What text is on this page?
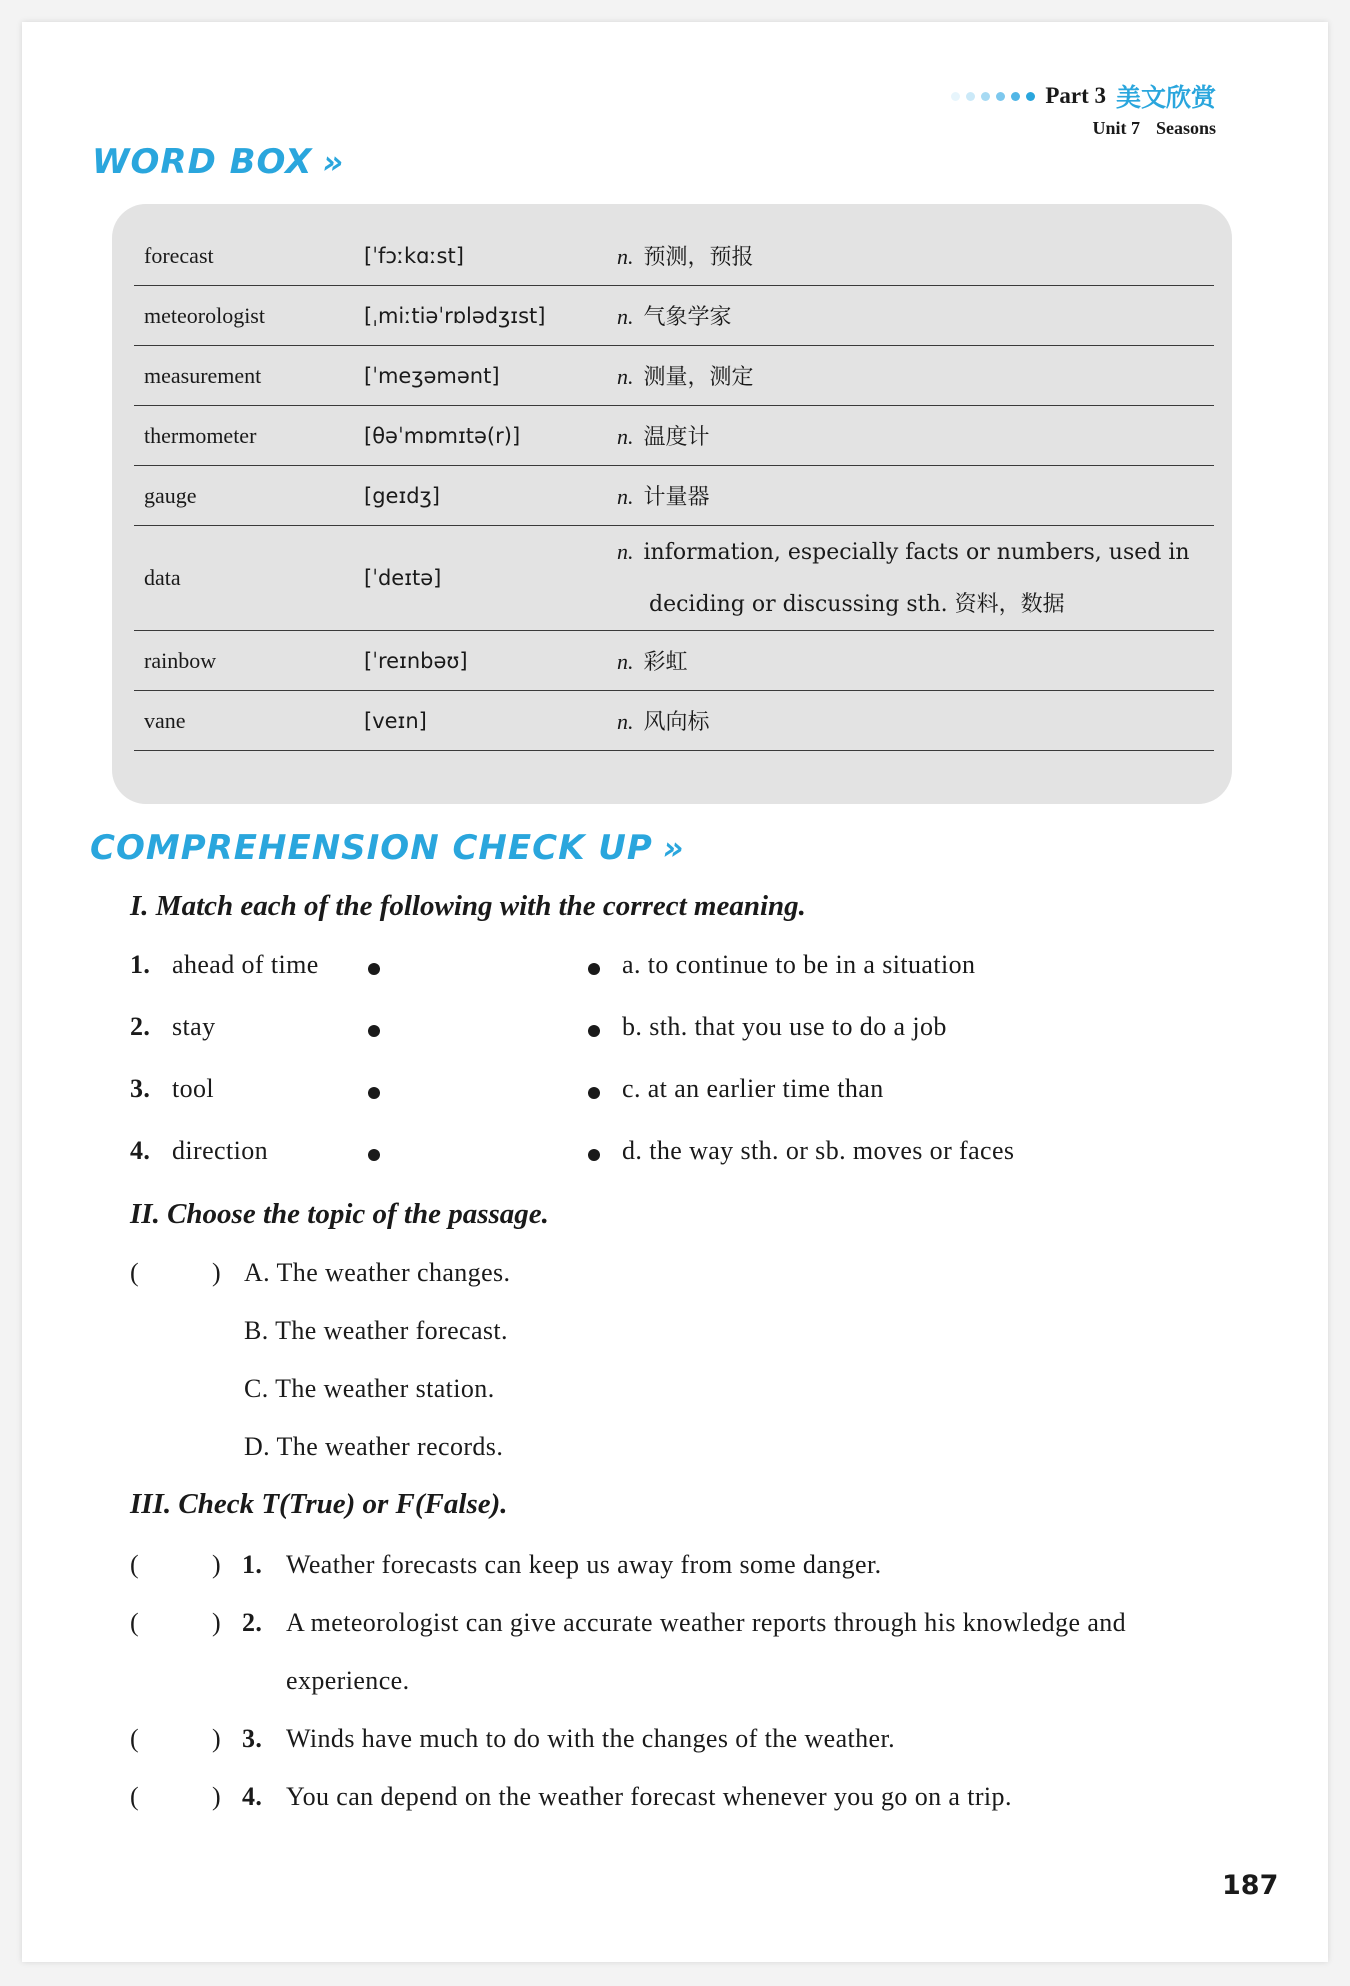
Part 3 美文欣赏
Unit 7 Seasons
WORD BOX »
forecast	[ˈfɔːkɑːst]	n. 预测，预报
meteorologist	[ˌmiːtiəˈrɒlədʒɪst]	n. 气象学家
measurement	[ˈmeʒəmənt]	n. 测量，测定
thermometer	[θəˈmɒmɪtə(r)]	n. 温度计
gauge	[geɪdʒ]	n. 计量器
data	[ˈdeɪtə]
n. information, especially facts or numbers, used in
deciding or discussing sth. 资料，数据
rainbow	[ˈreɪnbəʊ]	n. 彩虹
vane	[veɪn]	n. 风向标
COMPREHENSION CHECK UP »
I. Match each of the following with the correct meaning.
1. ahead of time	a. to continue to be in a situation
2. stay	b. sth. that you use to do a job
3. tool	c. at an earlier time than
4. direction	d. the way sth. or sb. moves or faces
II. Choose the topic of the passage.
(	) A. The weather changes.
B. The weather forecast.
C. The weather station.
D. The weather records.
III. Check T(True) or F(False).
(	) 1. Weather forecasts can keep us away from some danger.
(	) 2. A meteorologist can give accurate weather reports through his knowledge and
experience.
(	) 3. Winds have much to do with the changes of the weather.
(	) 4. You can depend on the weather forecast whenever you go on a trip.
187
